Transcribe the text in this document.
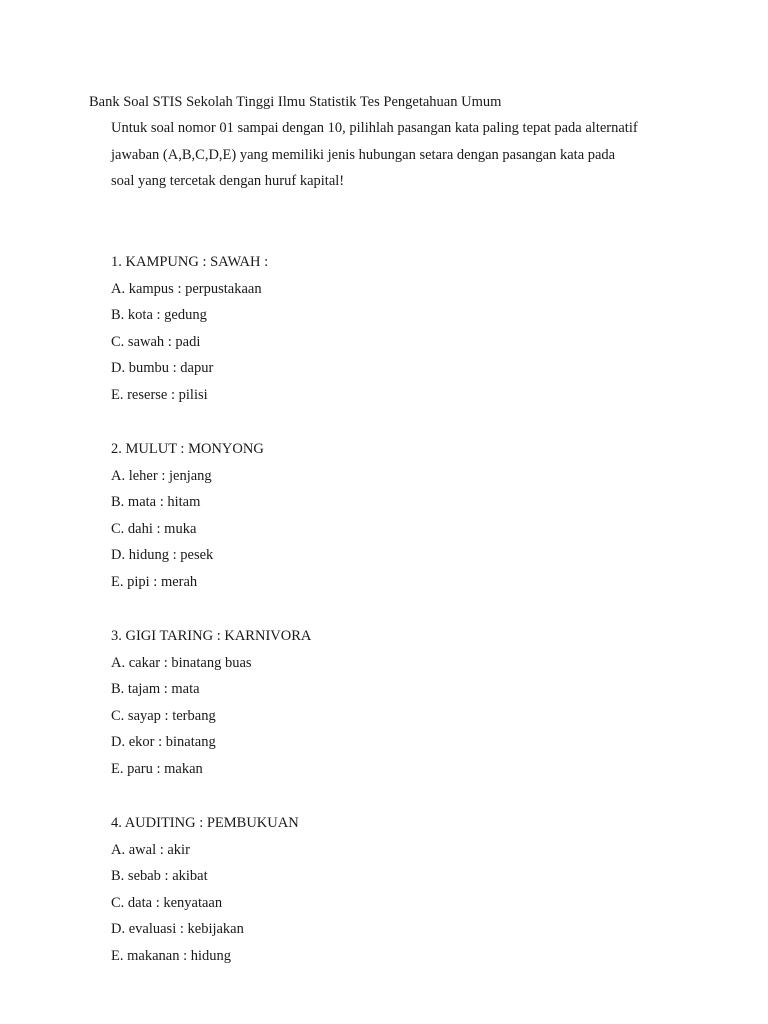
Bank Soal STIS Sekolah Tinggi Ilmu Statistik Tes Pengetahuan Umum
Untuk soal nomor 01 sampai dengan 10, pilihlah pasangan kata paling tepat pada alternatif
jawaban (A,B,C,D,E) yang memiliki jenis hubungan setara dengan pasangan kata pada
soal yang tercetak dengan huruf kapital!
1. KAMPUNG : SAWAH :
A. kampus : perpustakaan
B. kota : gedung
C. sawah : padi
D. bumbu : dapur
E. reserse : pilisi
2. MULUT : MONYONG
A. leher : jenjang
B. mata : hitam
C. dahi : muka
D. hidung : pesek
E. pipi : merah
3. GIGI TARING : KARNIVORA
A. cakar : binatang buas
B. tajam : mata
C. sayap : terbang
D. ekor : binatang
E. paru : makan
4. AUDITING : PEMBUKUAN
A. awal : akir
B. sebab : akibat
C. data : kenyataan
D. evaluasi : kebijakan
E. makanan : hidung
